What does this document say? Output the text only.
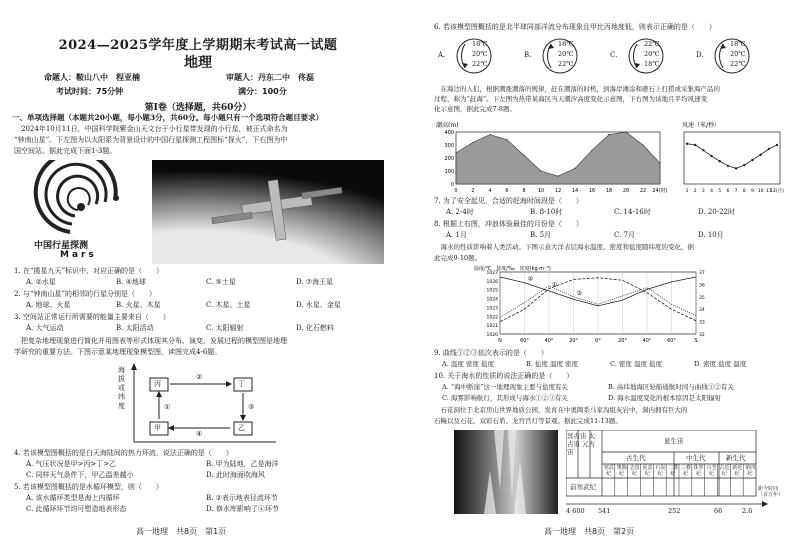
2024—2025学年度上学期期末考试高一试题
地理
命题人：鞍山八中　程亚楠	审题人：丹东二中　佟磊
考试时间：75分钟	满分：100分
第Ⅰ卷（选择题，共60分）
一、单项选择题（本题共20小题，每小题3分，共60分。每小题只有一个选项符合题目要求）
　2024年10月11日，中国科学院紫金山天文台于小行星带发现的小行星，被正式命名为
“钟南山星”。下左图为以太阳系为背景设计的中国行星探测工程图标“探火”，下右图为中
国空间站。据此完成下面1-3题。
中国行星探测
Mars
1. 在“揽星九天”标识中，对应正确的是（　　）
A. ②水星	B. ④地球	C. ⑤土星	D. ⑦海王星
2. 与“钟南山星”的相邻的行星分别是（　　）
A. 地球、火星	B. 火星、木星	C. 木星、土星	D. 水星、金星
3. 空间站正常运行所需要的能量主要来自（　　）
A. 大气运动	B. 太阳活动	C. 太阳辐射	D. 化石燃料
　把复杂地理现象进行简化并用图表等形式体现其分布、演变、发展过程的模型图是地理
学研究的重要方法。下图示意某地理现象模型图，读图完成4-6题。
海拔或纬度
丙	丁
甲	乙
①
②
③
④
4. 若该模型图概括的是白天海陆间的热力环流，说法正确的是（　　）
A. 气压状况是甲>丙>丁>乙	B. 甲为陆地，乙是海洋
C. 同样天气条件下，甲乙温差越小	D. 此时海面吹海风
5. 若该模型图概括的是水循环模型，则（　　）
A. 该水循环类型是海上内循环	B. ②表示地表径流环节
C. 此循环环节均可塑造地表形态	D. 修水库影响了④环节
高一地理　共8页　第1页
6. 若该模型图概括的是北半球同部洋流分布现象且甲比丙地度低，则表示正确的是（　　）
A.	B.	C.	D.
18℃
20℃
22℃
18℃
20℃
22℃
22℃
20℃
18℃
18℃
20℃
22℃
　在海边的人们，根据潮涨潮落的规律，赶在潮落的时机，到海岸滩涂和礁石上打捞或采集海产品的
过程，称为“赶海”。下左图为热带某海区当天潮汐高度变化示意图，下右图为该地月平均风速变
化示意图，据此完成7-8题。
潮高(m)
400
300
200
100
0
0	2	4	6	8 10 12 14 16 18 20 22 24(时)
风速（米/秒）
1 2 3 4 5 6 7 8 9 10 11
12(月)
7. 为了安全起见，合适的赶海时间段是（　　）
A. 2-4时	B. 8-10时	C. 14-16时	D. 20-22时
8. 根据上右图，冲浪体验最佳的月份是（　　）
A. 1月	B. 5月	C. 7月	D. 10月
　海水的性质影响着人类活动。下图示意大洋表层海水温度、密度和盐度随纬度的变化，据
此完成9-10题。
温度/℃　盐度/‰　密度(kg·m⁻³)
N	60°	40°	20°	0°	20°	40°	60°	S
1027
1026
1025
1024
1023
1022
1021
1020
37
36
35
34
33
32
①
②
③
9. 曲线①②③依次表示的是（　　）
A. 温度 密度 盐度	B. 盐度 温度 密度	C. 密度 温度 盐度	D. 密度 盐度 温度
10. 关于海水的性质的说法正确的是（　　）
A. “海中断崖”这一地理现象主要与盐度有关	B. 高纬地海区轮船通航时间与曲线①②有关
C. 海雾影响航行，其形成与海水①②③有关	D. 海水温度变化的根本原因是太阳辐射
　石花洞位于北京房山世界地质公园，发育在中奥陶系马家沟组灰岩中，洞内拥有巨大的
石幔以及石花、双彩石盾、龙宫宫灯等景观。据此完成11-13题。
冥古宙 太古宙 元古宙
显生宙
古生代	中生代	新生代
前寒武纪
寒武纪
奥陶纪
志留纪
泥盆纪
石炭纪
二叠纪
三叠纪
侏罗纪
白垩纪
古近纪
新近纪
第四纪
4 600 541	252	66	2.6
距今时间（百万年）
高一地理　共8页　第2页
